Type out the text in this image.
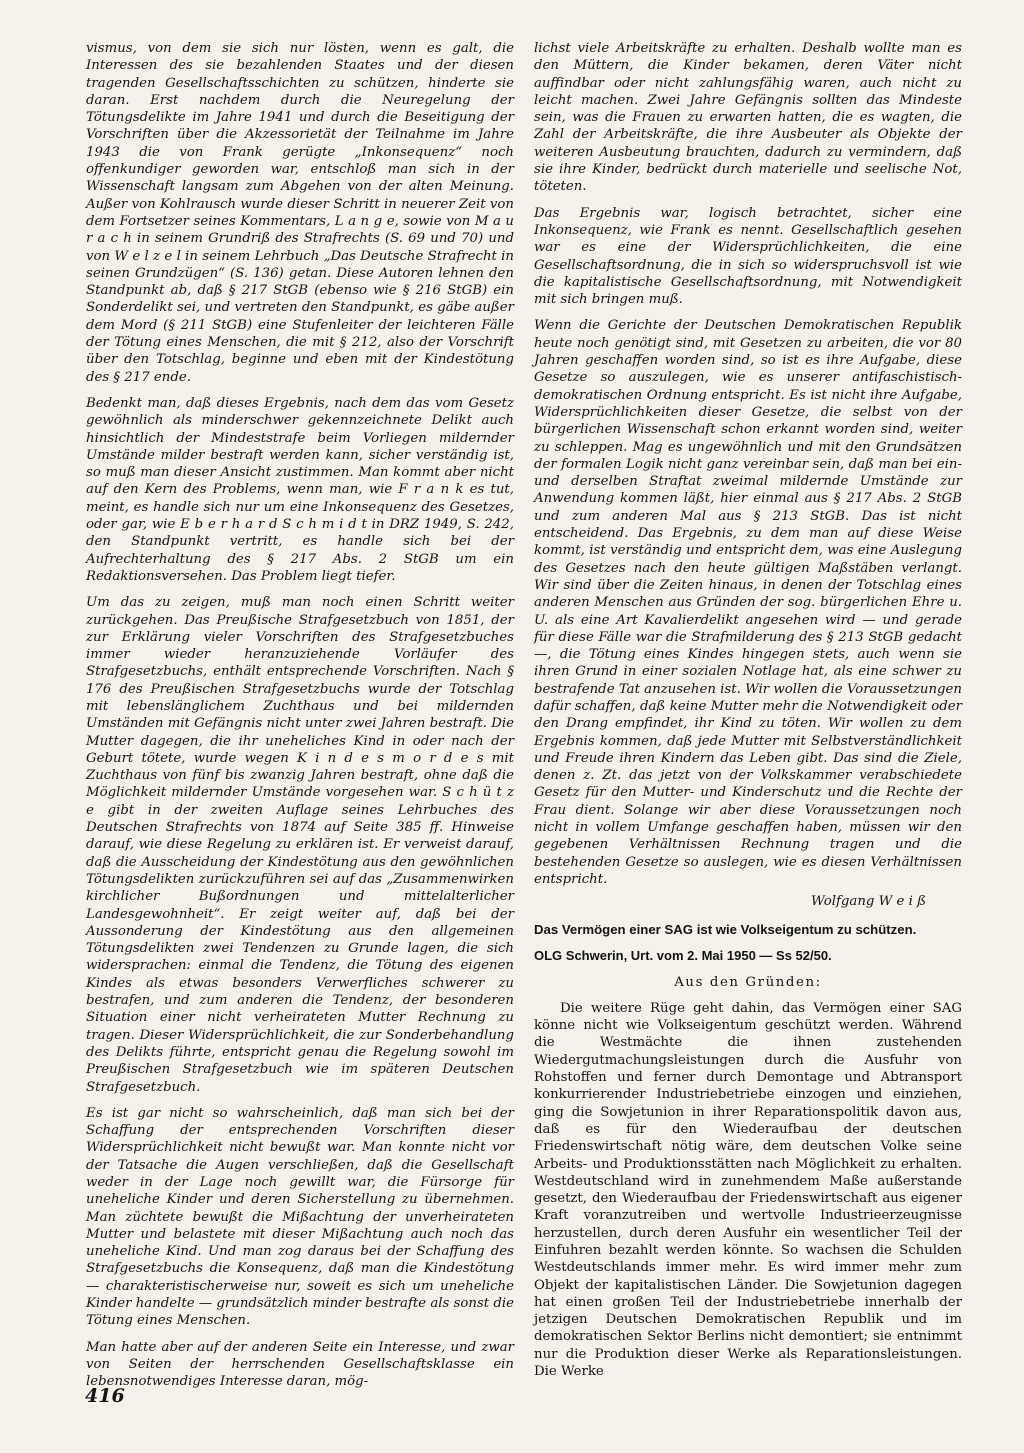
vismus, von dem sie sich nur lösten, wenn es galt, die Interessen des sie bezahlenden Staates und der diesen tragenden Gesellschaftsschichten zu schützen, hinderte sie daran. Erst nachdem durch die Neuregelung der Tötungsdelikte im Jahre 1941 und durch die Beseitigung der Vorschriften über die Akzessorietät der Teilnahme im Jahre 1943 die von Frank gerügte „Inkonsequenz“ noch offenkundiger geworden war, entschloß man sich in der Wissenschaft langsam zum Abgehen von der alten Meinung. Außer von Kohlrausch wurde dieser Schritt in neuerer Zeit von dem Fortsetzer seines Kommentars, L a n g e, sowie von M a u r a c h in seinem Grundriß des Strafrechts (S. 69 und 70) und von W e l z e l in seinem Lehrbuch „Das Deutsche Strafrecht in seinen Grundzügen“ (S. 136) getan. Diese Autoren lehnen den Standpunkt ab, daß § 217 StGB (ebenso wie § 216 StGB) ein Sonderdelikt sei, und vertreten den Standpunkt, es gäbe außer dem Mord (§ 211 StGB) eine Stufenleiter der leichteren Fälle der Tötung eines Menschen, die mit § 212, also der Vorschrift über den Totschlag, beginne und eben mit der Kindestötung des § 217 ende.

Bedenkt man, daß dieses Ergebnis, nach dem das vom Gesetz gewöhnlich als minderschwer gekennzeichnete Delikt auch hinsichtlich der Mindeststrafe beim Vorliegen mildernder Umstände milder bestraft werden kann, sicher verständig ist, so muß man dieser Ansicht zustimmen. Man kommt aber nicht auf den Kern des Problems, wenn man, wie F r a n k es tut, meint, es handle sich nur um eine Inkonsequenz des Gesetzes, oder gar, wie E b e r h a r d S c h m i d t in DRZ 1949, S. 242, den Standpunkt vertritt, es handle sich bei der Aufrechterhaltung des § 217 Abs. 2 StGB um ein Redaktionsversehen. Das Problem liegt tiefer.

Um das zu zeigen, muß man noch einen Schritt weiter zurückgehen. Das Preußische Strafgesetzbuch von 1851, der zur Erklärung vieler Vorschriften des Strafgesetzbuches immer wieder heranzuziehende Vorläufer des Strafgesetzbuchs, enthält entsprechende Vorschriften. Nach § 176 des Preußischen Strafgesetzbuchs wurde der Totschlag mit lebenslänglichem Zuchthaus und bei mildernden Umständen mit Gefängnis nicht unter zwei Jahren bestraft. Die Mutter dagegen, die ihr uneheliches Kind in oder nach der Geburt tötete, wurde wegen K i n d e s m o r d e s mit Zuchthaus von fünf bis zwanzig Jahren bestraft, ohne daß die Möglichkeit mildernder Umstände vorgesehen war. S c h ü t z e gibt in der zweiten Auflage seines Lehrbuches des Deutschen Strafrechts von 1874 auf Seite 385 ff. Hinweise darauf, wie diese Regelung zu erklären ist. Er verweist darauf, daß die Ausscheidung der Kindestötung aus den gewöhnlichen Tötungsdelikten zurückzuführen sei auf das „Zusammenwirken kirchlicher Bußordnungen und mittelalterlicher Landesgewohnheit“. Er zeigt weiter auf, daß bei der Aussonderung der Kindestötung aus den allgemeinen Tötungsdelikten zwei Tendenzen zu Grunde lagen, die sich widersprachen: einmal die Tendenz, die Tötung des eigenen Kindes als etwas besonders Verwerfliches schwerer zu bestrafen, und zum anderen die Tendenz, der besonderen Situation einer nicht verheirateten Mutter Rechnung zu tragen. Dieser Widersprüchlichkeit, die zur Sonderbehandlung des Delikts führte, entspricht genau die Regelung sowohl im Preußischen Strafgesetzbuch wie im späteren Deutschen Strafgesetzbuch.

Es ist gar nicht so wahrscheinlich, daß man sich bei der Schaffung der entsprechenden Vorschriften dieser Widersprüchlichkeit nicht bewußt war. Man konnte nicht vor der Tatsache die Augen verschließen, daß die Gesellschaft weder in der Lage noch gewillt war, die Fürsorge für uneheliche Kinder und deren Sicherstellung zu übernehmen. Man züchtete bewußt die Mißachtung der unverheirateten Mutter und belastete mit dieser Mißachtung auch noch das uneheliche Kind. Und man zog daraus bei der Schaffung des Strafgesetzbuchs die Konsequenz, daß man die Kindestötung — charakteristischerweise nur, soweit es sich um uneheliche Kinder handelte — grundsätzlich minder bestrafte als sonst die Tötung eines Menschen.

Man hatte aber auf der anderen Seite ein Interesse, und zwar von Seiten der herrschenden Gesellschaftsklasse ein lebensnotwendiges Interesse daran, mög-

lichst viele Arbeitskräfte zu erhalten. Deshalb wollte man es den Müttern, die Kinder bekamen, deren Väter nicht auffindbar oder nicht zahlungsfähig waren, auch nicht zu leicht machen. Zwei Jahre Gefängnis sollten das Mindeste sein, was die Frauen zu erwarten hatten, die es wagten, die Zahl der Arbeitskräfte, die ihre Ausbeuter als Objekte der weiteren Ausbeutung brauchten, dadurch zu vermindern, daß sie ihre Kinder, bedrückt durch materielle und seelische Not, töteten.

Das Ergebnis war, logisch betrachtet, sicher eine Inkonsequenz, wie Frank es nennt. Gesellschaftlich gesehen war es eine der Widersprüchlichkeiten, die eine Gesellschaftsordnung, die in sich so widerspruchsvoll ist wie die kapitalistische Gesellschaftsordnung, mit Notwendigkeit mit sich bringen muß.

Wenn die Gerichte der Deutschen Demokratischen Republik heute noch genötigt sind, mit Gesetzen zu arbeiten, die vor 80 Jahren geschaffen worden sind, so ist es ihre Aufgabe, diese Gesetze so auszulegen, wie es unserer antifaschistisch-demokratischen Ordnung entspricht. Es ist nicht ihre Aufgabe, Widersprüchlichkeiten dieser Gesetze, die selbst von der bürgerlichen Wissenschaft schon erkannt worden sind, weiter zu schleppen. Mag es ungewöhnlich und mit den Grundsätzen der formalen Logik nicht ganz vereinbar sein, daß man bei ein- und derselben Straftat zweimal mildernde Umstände zur Anwendung kommen läßt, hier einmal aus § 217 Abs. 2 StGB und zum anderen Mal aus § 213 StGB. Das ist nicht entscheidend. Das Ergebnis, zu dem man auf diese Weise kommt, ist verständig und entspricht dem, was eine Auslegung des Gesetzes nach den heute gültigen Maßstäben verlangt. Wir sind über die Zeiten hinaus, in denen der Totschlag eines anderen Menschen aus Gründen der sog. bürgerlichen Ehre u. U. als eine Art Kavalierdelikt angesehen wird — und gerade für diese Fälle war die Strafmilderung des § 213 StGB gedacht —, die Tötung eines Kindes hingegen stets, auch wenn sie ihren Grund in einer sozialen Notlage hat, als eine schwer zu bestrafende Tat anzusehen ist. Wir wollen die Voraussetzungen dafür schaffen, daß keine Mutter mehr die Notwendigkeit oder den Drang empfindet, ihr Kind zu töten. Wir wollen zu dem Ergebnis kommen, daß jede Mutter mit Selbstverständlichkeit und Freude ihren Kindern das Leben gibt. Das sind die Ziele, denen z. Zt. das jetzt von der Volkskammer verabschiedete Gesetz für den Mutter- und Kinderschutz und die Rechte der Frau dient. Solange wir aber diese Voraussetzungen noch nicht in vollem Umfange geschaffen haben, müssen wir den gegebenen Verhältnissen Rechnung tragen und die bestehenden Gesetze so auslegen, wie es diesen Verhältnissen entspricht.

Wolfgang W e i ß

Das Vermögen einer SAG ist wie Volkseigentum zu schützen.

OLG Schwerin, Urt. vom 2. Mai 1950 — Ss 52/50.

Aus den Gründen:

Die weitere Rüge geht dahin, das Vermögen einer SAG könne nicht wie Volkseigentum geschützt werden. Während die Westmächte die ihnen zustehenden Wiedergutmachungsleistungen durch die Ausfuhr von Rohstoffen und ferner durch Demontage und Abtransport konkurrierender Industriebetriebe einzogen und einziehen, ging die Sowjetunion in ihrer Reparationspolitik davon aus, daß es für den Wiederaufbau der deutschen Friedenswirtschaft nötig wäre, dem deutschen Volke seine Arbeits- und Produktionsstätten nach Möglichkeit zu erhalten. Westdeutschland wird in zunehmendem Maße außerstande gesetzt, den Wiederaufbau der Friedenswirtschaft aus eigener Kraft voranzutreiben und wertvolle Industrieerzeugnisse herzustellen, durch deren Ausfuhr ein wesentlicher Teil der Einfuhren bezahlt werden könnte. So wachsen die Schulden Westdeutschlands immer mehr. Es wird immer mehr zum Objekt der kapitalistischen Länder. Die Sowjetunion dagegen hat einen großen Teil der Industriebetriebe innerhalb der jetzigen Deutschen Demokratischen Republik und im demokratischen Sektor Berlins nicht demontiert; sie entnimmt nur die Produktion dieser Werke als Reparationsleistungen. Die Werke

416
